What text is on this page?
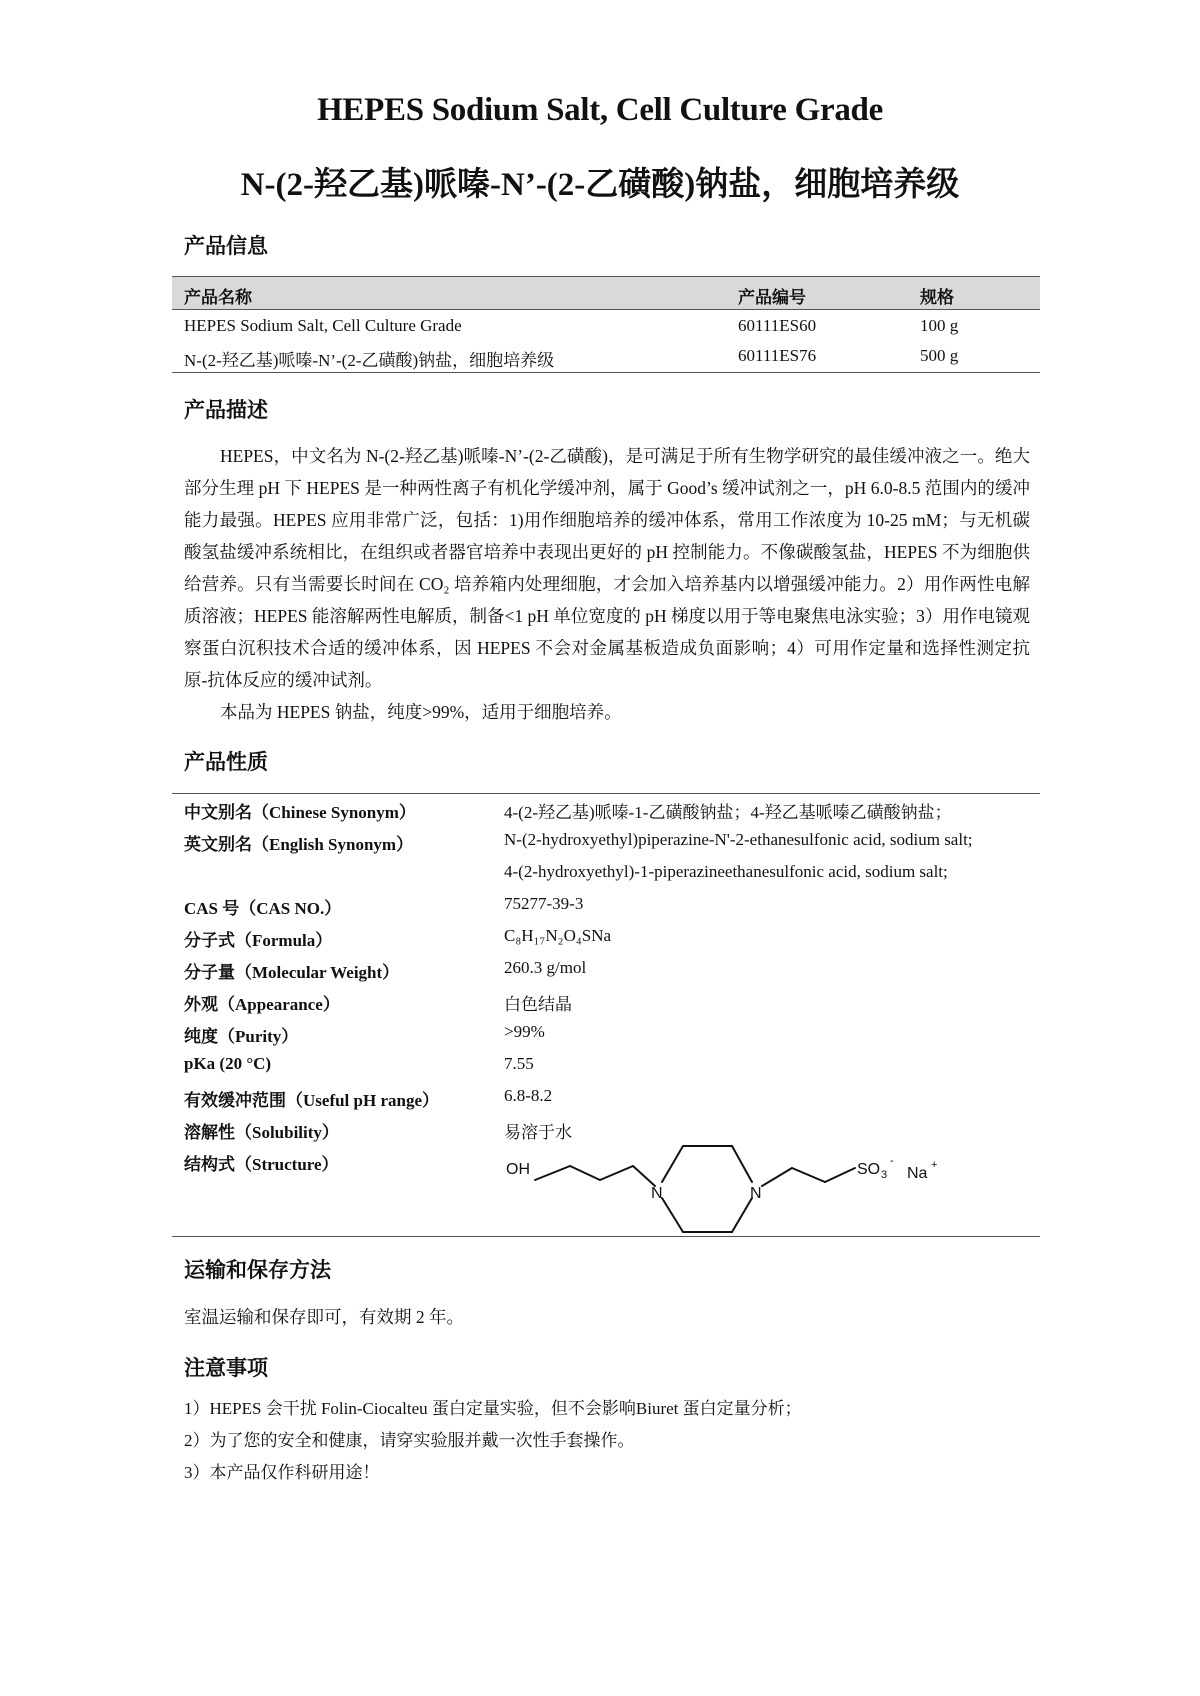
HEPES Sodium Salt, Cell Culture Grade
N-(2-羟乙基)哌嗪-N’-(2-乙磺酸)钠盐，细胞培养级
产品信息
产品名称	产品编号	规格
HEPES Sodium Salt, Cell Culture Grade	60111ES60	100 g
N-(2-羟乙基)哌嗪-N’-(2-乙磺酸)钠盐，细胞培养级	60111ES76	500 g
产品描述

HEPES，中文名为 N-(2-羟乙基)哌嗪-N’-(2-乙磺酸)，是可满足于所有生物学研究的最佳缓冲液之一。绝大部分生理 pH 下 HEPES 是一种两性离子有机化学缓冲剂，属于 Good’s 缓冲试剂之一，pH 6.0-8.5 范围内的缓冲能力最强。HEPES 应用非常广泛，包括：1)用作细胞培养的缓冲体系，常用工作浓度为 10-25 mM；与无机碳酸氢盐缓冲系统相比，在组织或者器官培养中表现出更好的 pH 控制能力。不像碳酸氢盐，HEPES 不为细胞供给营养。只有当需要长时间在 CO₂ 培养箱内处理细胞，才会加入培养基内以增强缓冲能力。2）用作两性电解质溶液；HEPES 能溶解两性电解质，制备<1 pH 单位宽度的 pH 梯度以用于等电聚焦电泳实验；3）用作电镜观察蛋白沉积技术合适的缓冲体系，因 HEPES 不会对金属基板造成负面影响；4）可用作定量和选择性测定抗原-抗体反应的缓冲试剂。

本品为 HEPES 钠盐，纯度>99%，适用于细胞培养。

产品性质
中文别名（Chinese Synonym）	4-(2-羟乙基)哌嗪-1-乙磺酸钠盐；4-羟乙基哌嗪乙磺酸钠盐；
英文别名（English Synonym）	N-(2-hydroxyethyl)piperazine-N'-2-ethanesulfonic acid, sodium salt;
4-(2-hydroxyethyl)-1-piperazineethanesulfonic acid, sodium salt;
CAS 号（CAS NO.）	75277-39-3
分子式（Formula）	C₈H₁₇N₂O₄SNa
分子量（Molecular Weight）	260.3 g/mol
外观（Appearance）	白色结晶
纯度（Purity）	>99%
pKa (20 °C)	7.55
有效缓冲范围（Useful pH range）	6.8-8.2
溶解性（Solubility）	易溶于水
结构式（Structure）	OH
N	N
SO 3
-
Na +
运输和保存方法
室温运输和保存即可，有效期 2 年。
注意事项
1）HEPES 会干扰 Folin-Ciocalteu 蛋白定量实验，但不会影响Biuret 蛋白定量分析；
2）为了您的安全和健康，请穿实验服并戴一次性手套操作。
3）本产品仅作科研用途！
